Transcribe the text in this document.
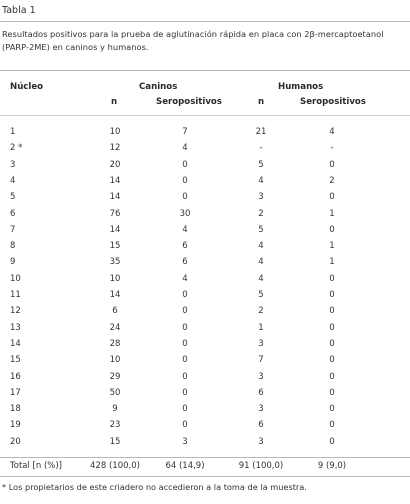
Tabla 1
Resultados positivos para la prueba de aglutinación rápida en placa con 2β-mercaptoetanol (PARP-2ME) en caninos y humanos.
Núcleo	Caninos	Humanos
n	Seropositivos	n	Seropositivos
1	10	7	21	4
2 *	12	4	-	-
3	20	0	5	0
4	14	0	4	2
5	14	0	3	0
6	76	30	2	1
7	14	4	5	0
8	15	6	4	1
9	35	6	4	1
10	10	4	4	0
11	14	0	5	0
12	6	0	2	0
13	24	0	1	0
14	28	0	3	0
15	10	0	7	0
16	29	0	3	0
17	50	0	6	0
18	9	0	3	0
19	23	0	6	0
20	15	3	3	0
Total [n (%)]	428 (100,0)	64 (14,9)	91 (100,0)	9 (9,0)
* Los propietarios de este criadero no accedieron a la toma de la muestra.
